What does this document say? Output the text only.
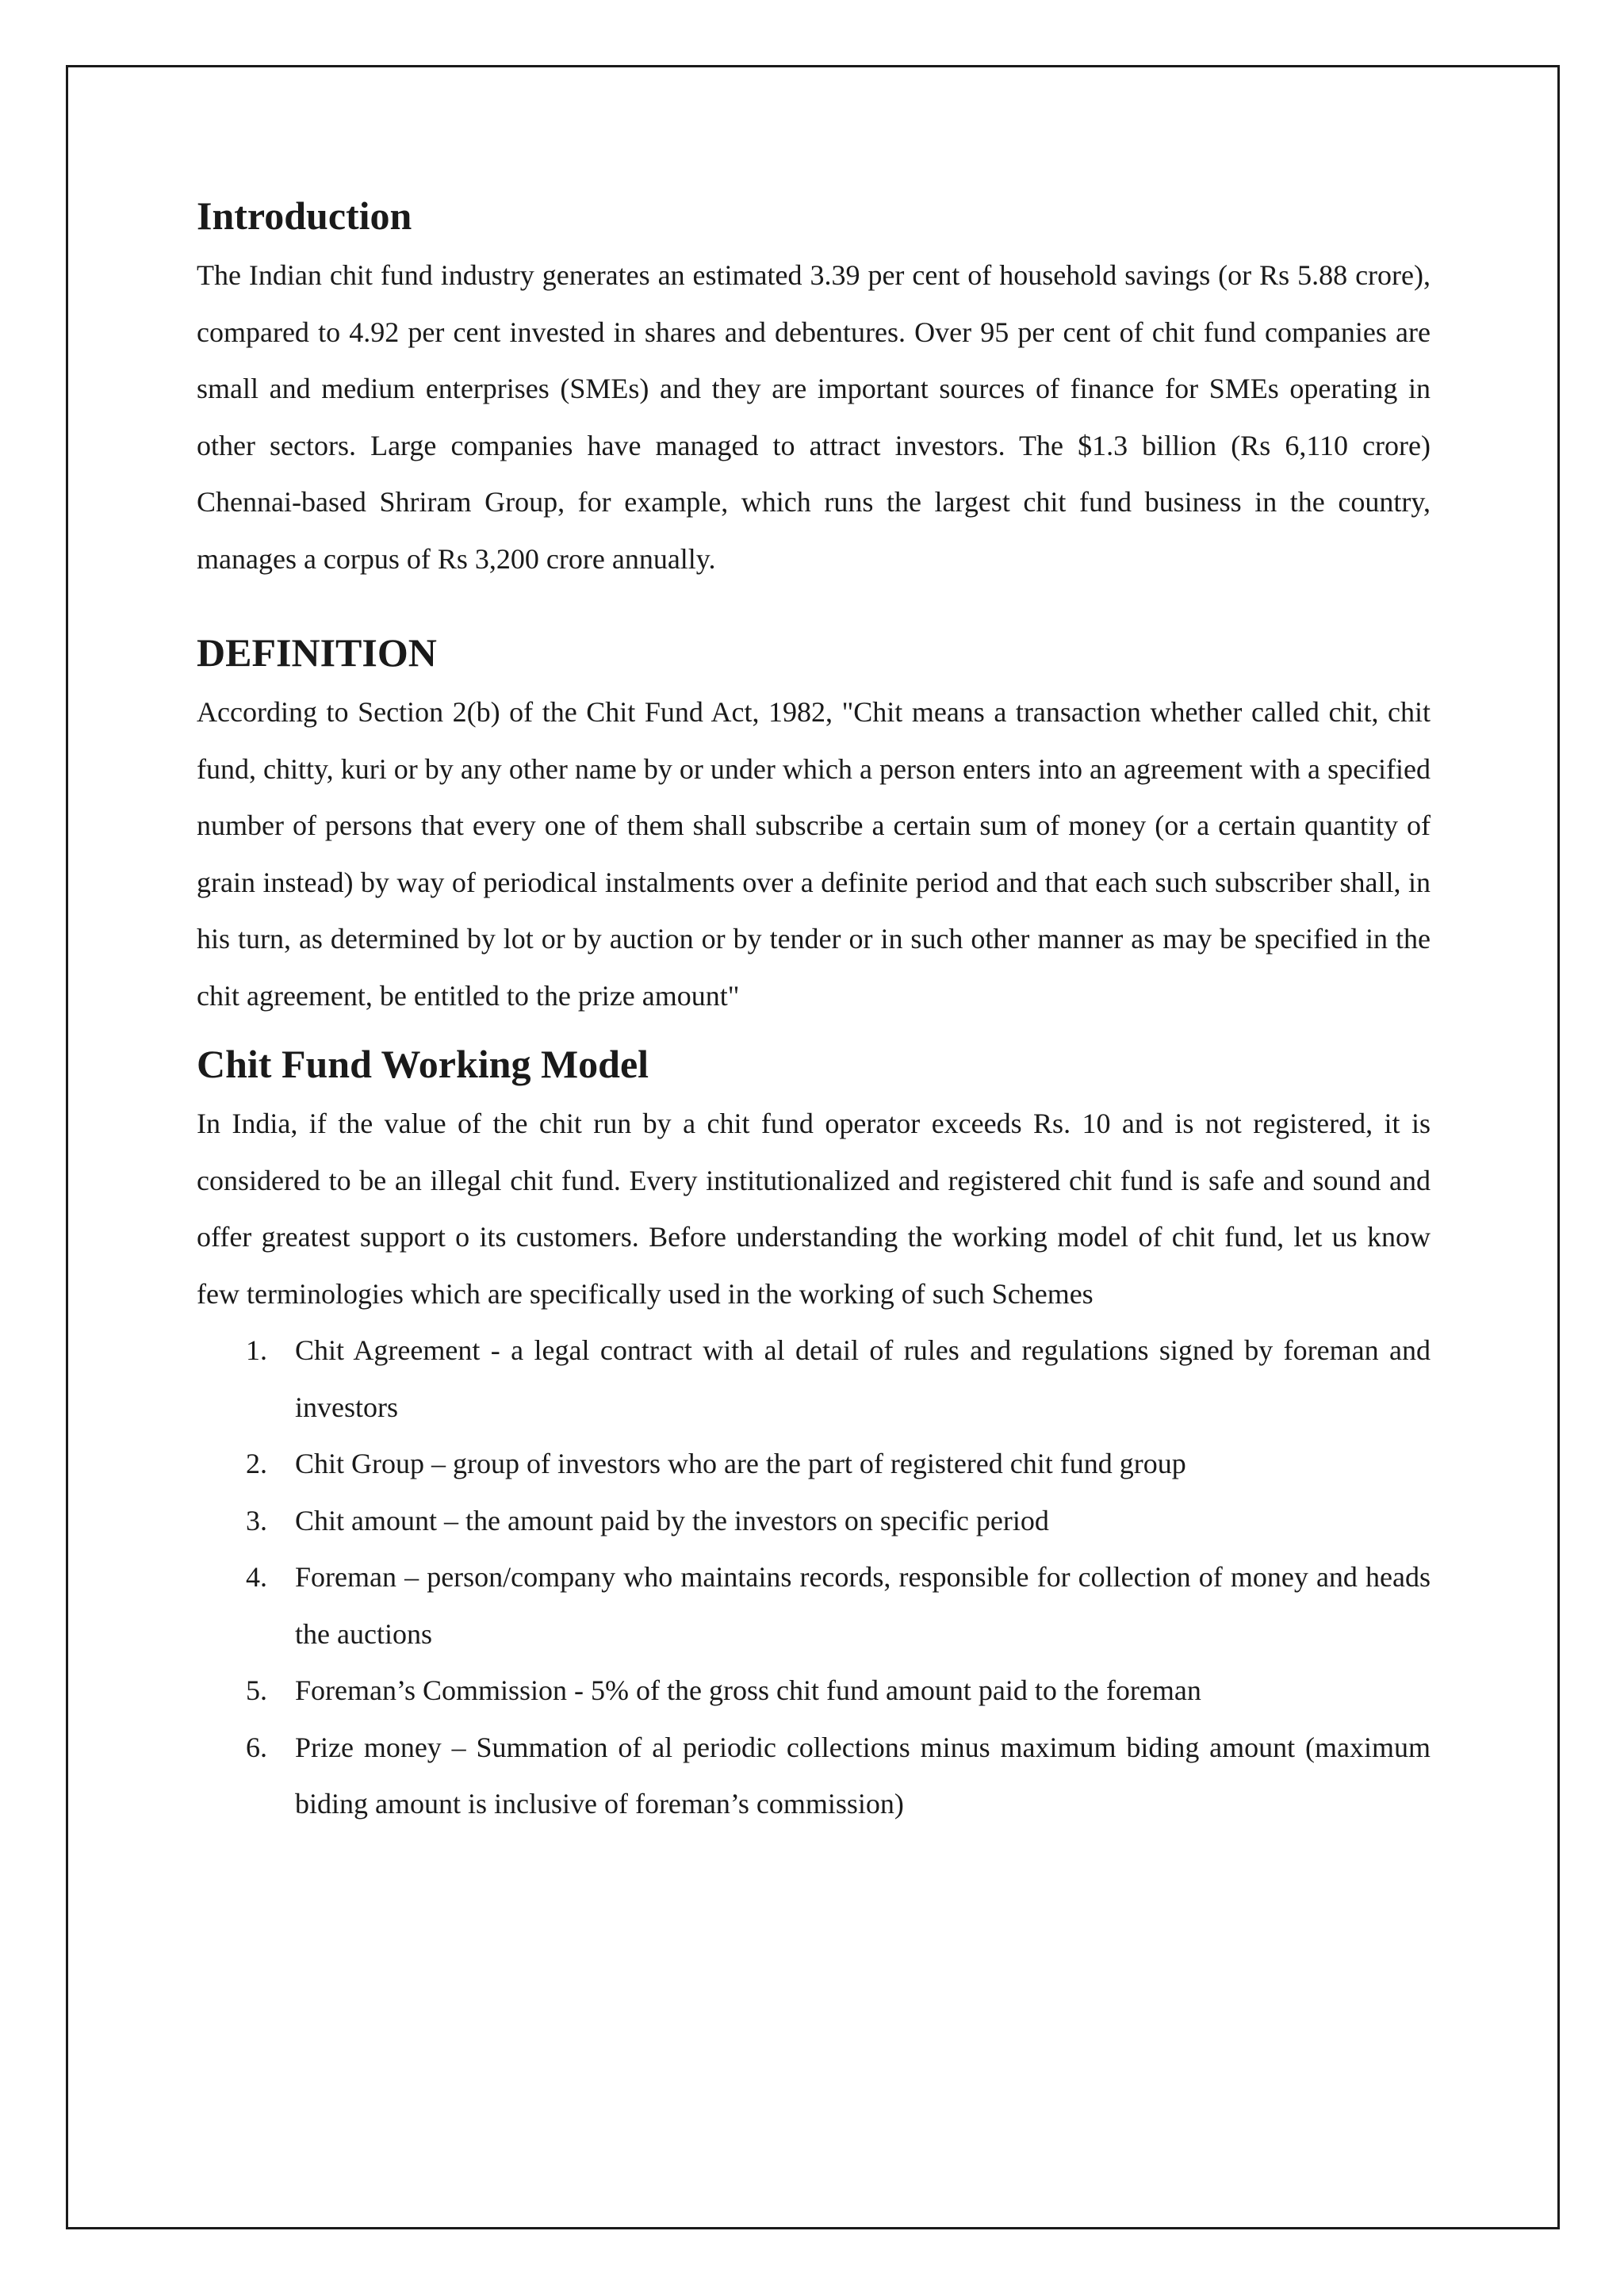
Introduction

The Indian chit fund industry generates an estimated 3.39 per cent of household savings (or Rs 5.88 crore), compared to 4.92 per cent invested in shares and debentures. Over 95 per cent of chit fund companies are small and medium enterprises (SMEs) and they are important sources of finance for SMEs operating in other sectors. Large companies have managed to attract investors. The $1.3 billion (Rs 6,110 crore) Chennai-based Shriram Group, for example, which runs the largest chit fund business in the country, manages a corpus of Rs 3,200 crore annually.

DEFINITION

According to Section 2(b) of the Chit Fund Act, 1982, "Chit means a transaction whether called chit, chit fund, chitty, kuri or by any other name by or under which a person enters into an agreement with a specified number of persons that every one of them shall subscribe a certain sum of money (or a certain quantity of grain instead) by way of periodical instalments over a definite period and that each such subscriber shall, in his turn, as determined by lot or by auction or by tender or in such other manner as may be specified in the chit agreement, be entitled to the prize amount"

Chit Fund Working Model

In India, if the value of the chit run by a chit fund operator exceeds Rs. 10 and is not registered, it is considered to be an illegal chit fund. Every institutionalized and registered chit fund is safe and sound and offer greatest support o its customers. Before understanding the working model of chit fund, let us know few terminologies which are specifically used in the working of such Schemes

1. Chit Agreement - a legal contract with al detail of rules and regulations signed by foreman and investors
2. Chit Group – group of investors who are the part of registered chit fund group
3. Chit amount – the amount paid by the investors on specific period
4. Foreman – person/company who maintains records, responsible for collection of money and heads the auctions
5. Foreman’s Commission - 5% of the gross chit fund amount paid to the foreman
6. Prize money – Summation of al periodic collections minus maximum biding amount (maximum biding amount is inclusive of foreman’s commission)
